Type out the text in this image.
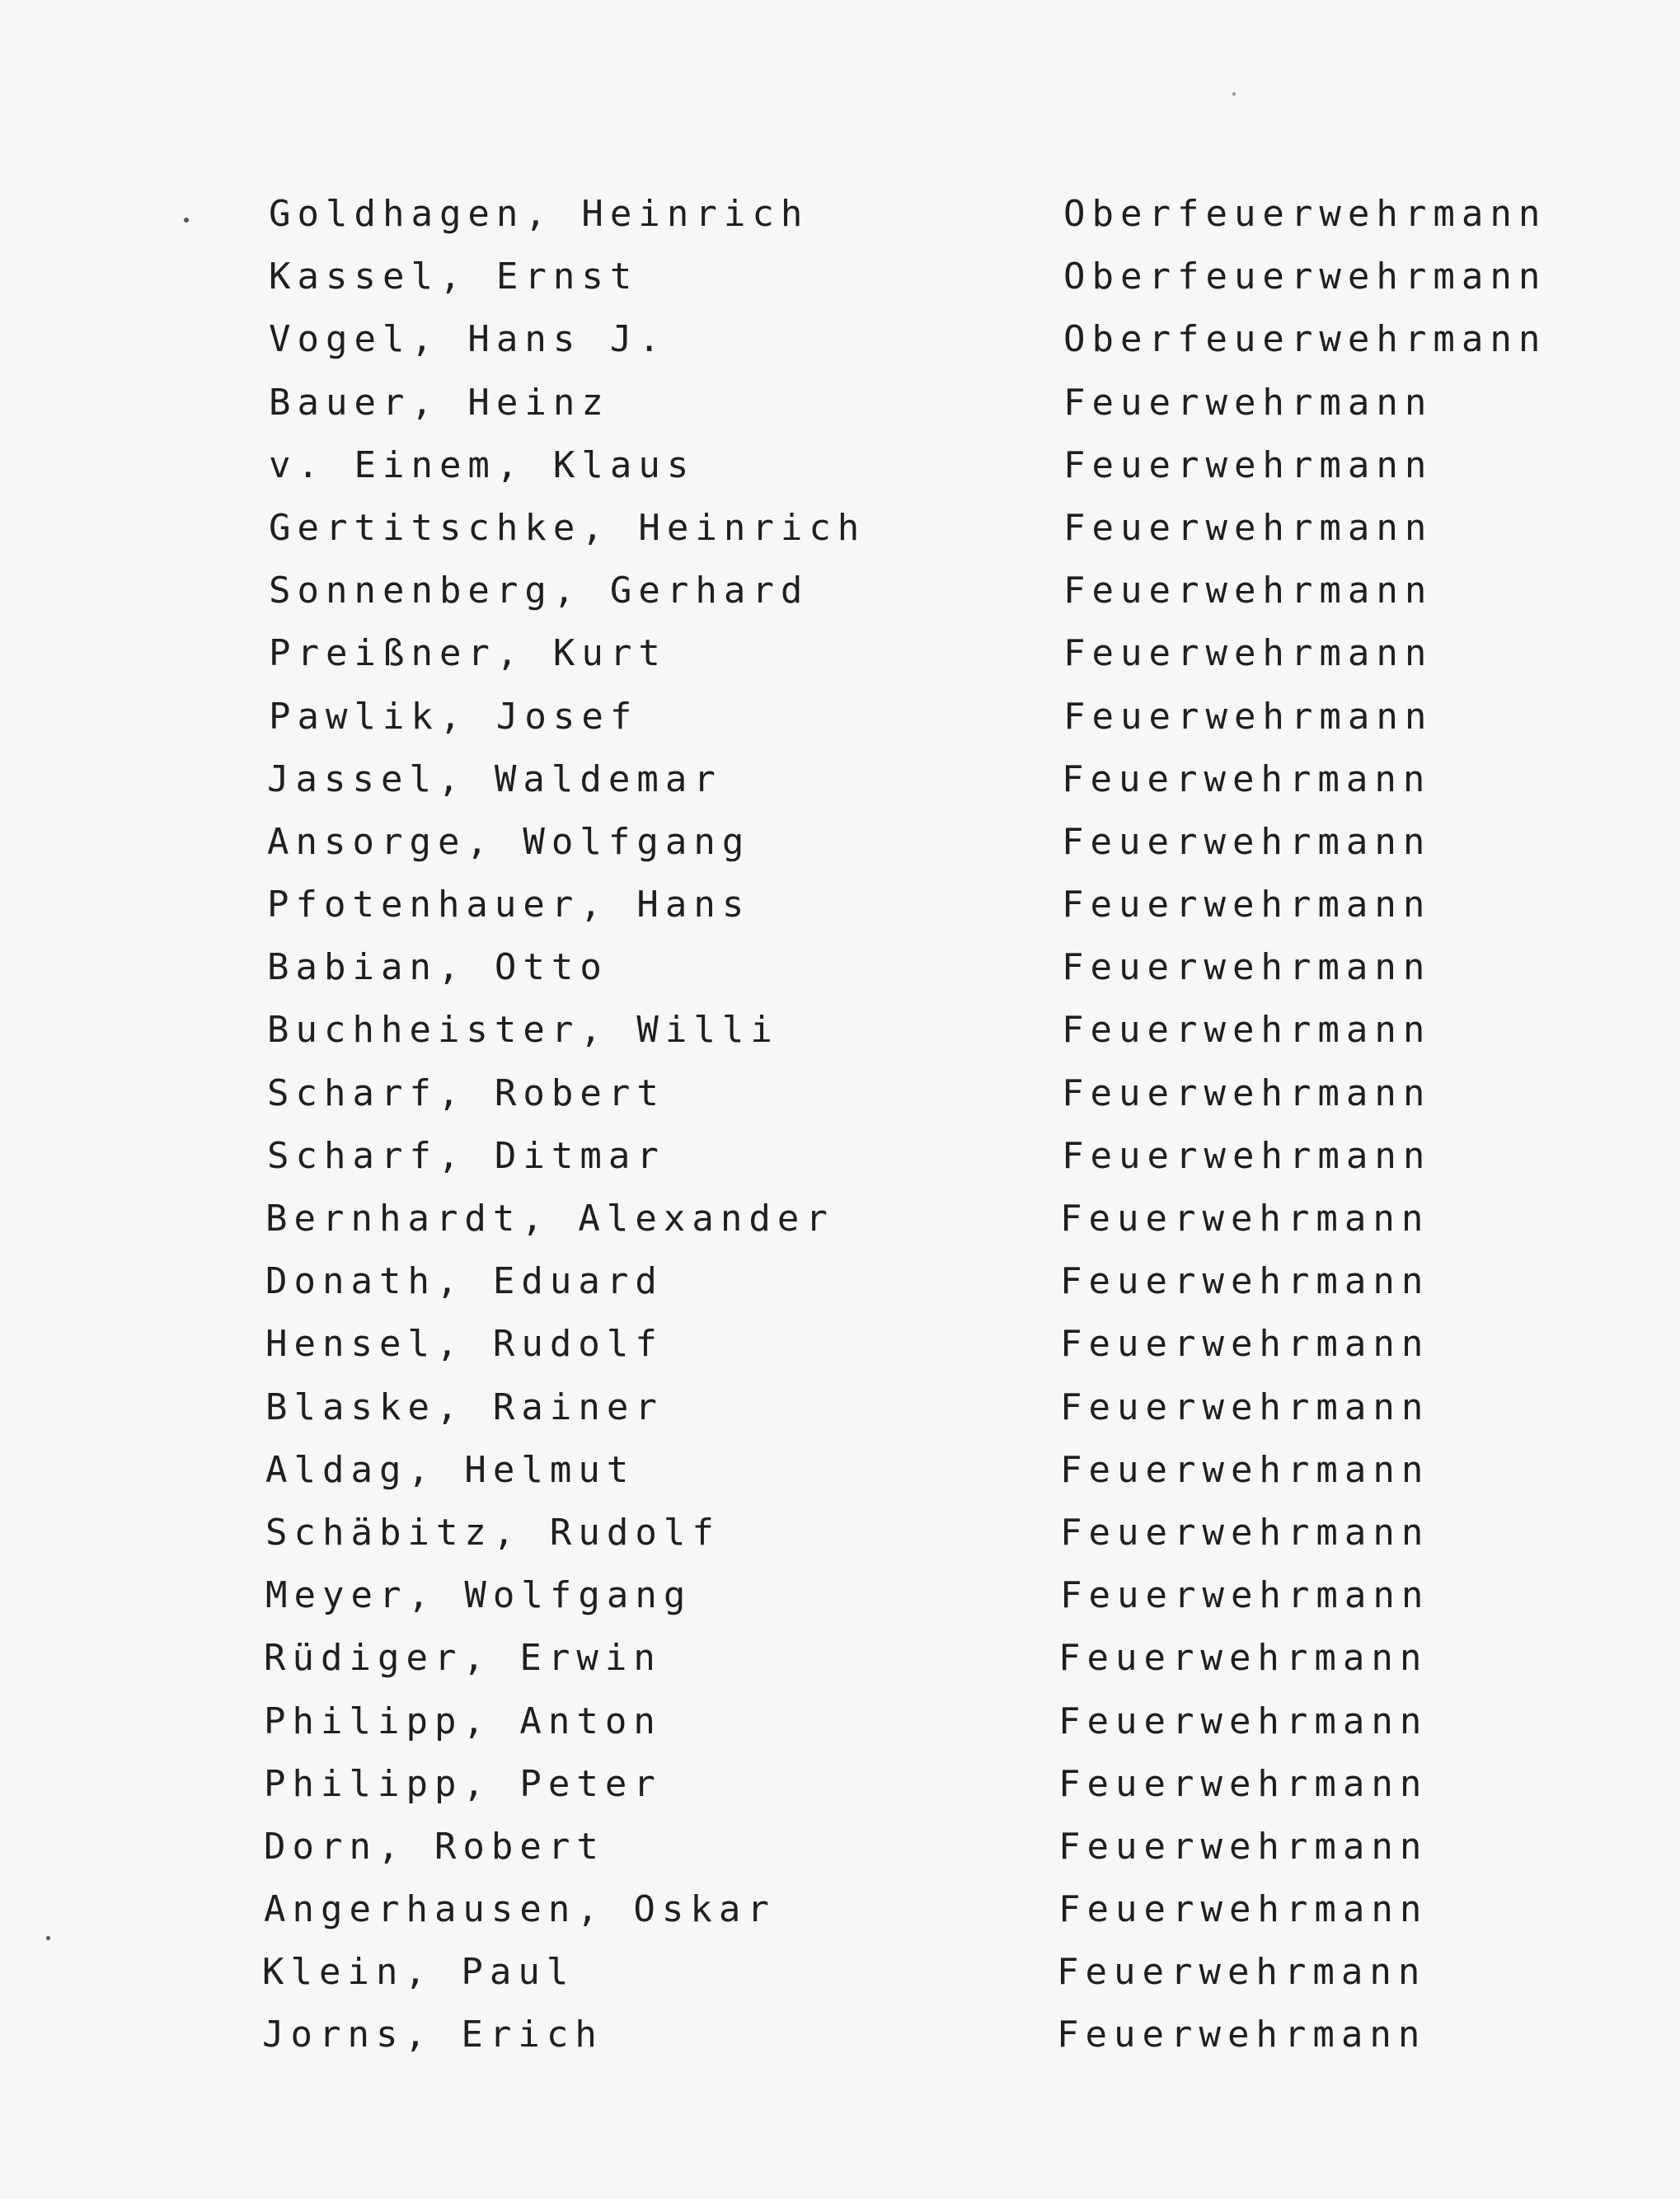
Goldhagen, Heinrich	Oberfeuerwehrmann
Kassel, Ernst	Oberfeuerwehrmann
Vogel, Hans J.	Oberfeuerwehrmann
Bauer, Heinz	Feuerwehrmann
v. Einem, Klaus	Feuerwehrmann
Gertitschke, Heinrich	Feuerwehrmann
Sonnenberg, Gerhard	Feuerwehrmann
Preißner, Kurt	Feuerwehrmann
Pawlik, Josef	Feuerwehrmann
Jassel, Waldemar	Feuerwehrmann
Ansorge, Wolfgang	Feuerwehrmann
Pfotenhauer, Hans	Feuerwehrmann
Babian, Otto	Feuerwehrmann
Buchheister, Willi	Feuerwehrmann
Scharf, Robert	Feuerwehrmann
Scharf, Ditmar	Feuerwehrmann
Bernhardt, Alexander	Feuerwehrmann
Donath, Eduard	Feuerwehrmann
Hensel, Rudolf	Feuerwehrmann
Blaske, Rainer	Feuerwehrmann
Aldag, Helmut	Feuerwehrmann
Schäbitz, Rudolf	Feuerwehrmann
Meyer, Wolfgang	Feuerwehrmann
Rüdiger, Erwin	Feuerwehrmann
Philipp, Anton	Feuerwehrmann
Philipp, Peter	Feuerwehrmann
Dorn, Robert	Feuerwehrmann
Angerhausen, Oskar	Feuerwehrmann
Klein, Paul	Feuerwehrmann
Jorns, Erich	Feuerwehrmann
